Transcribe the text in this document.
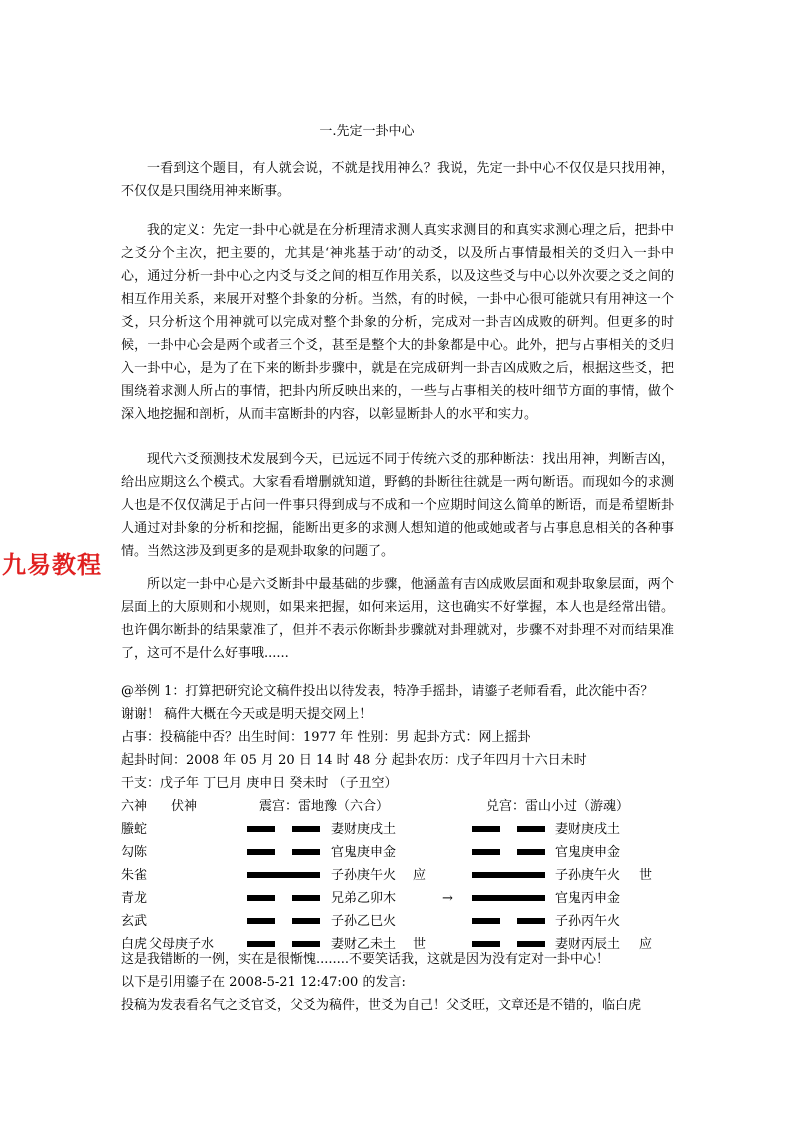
一.先定一卦中心

一看到这个题目，有人就会说，不就是找用神么？我说，先定一卦中心不仅仅是只找用神，不仅仅是只围绕用神来断事。

我的定义：先定一卦中心就是在分析理清求测人真实求测目的和真实求测心理之后，把卦中之爻分个主次，把主要的，尤其是‘神兆基于动’的动爻，以及所占事情最相关的爻归入一卦中心，通过分析一卦中心之内爻与爻之间的相互作用关系，以及这些爻与中心以外次要之爻之间的相互作用关系，来展开对整个卦象的分析。当然，有的时候，一卦中心很可能就只有用神这一个爻，只分析这个用神就可以完成对整个卦象的分析，完成对一卦吉凶成败的研判。但更多的时候，一卦中心会是两个或者三个爻，甚至是整个大的卦象都是中心。此外，把与占事相关的爻归入一卦中心，是为了在下来的断卦步骤中，就是在完成研判一卦吉凶成败之后，根据这些爻，把围绕着求测人所占的事情，把卦内所反映出来的，一些与占事相关的枝叶细节方面的事情，做个深入地挖掘和剖析，从而丰富断卦的内容，以彰显断卦人的水平和实力。

现代六爻预测技术发展到今天，已远远不同于传统六爻的那种断法：找出用神，判断吉凶，给出应期这么个模式。大家看看增删就知道，野鹤的卦断往往就是一两句断语。而现如今的求测人也是不仅仅满足于占问一件事只得到成与不成和一个应期时间这么简单的断语，而是希望断卦人通过对卦象的分析和挖掘，能断出更多的求测人想知道的他或她或者与占事息息相关的各种事情。当然这涉及到更多的是观卦取象的问题了。

所以定一卦中心是六爻断卦中最基础的步骤，他涵盖有吉凶成败层面和观卦取象层面，两个层面上的大原则和小规则，如果来把握，如何来运用，这也确实不好掌握，本人也是经常出错。也许偶尔断卦的结果蒙准了，但并不表示你断卦步骤就对卦理就对，步骤不对卦理不对而结果准了，这可不是什么好事哦......

九易教程
@举例 1：打算把研究论文稿件投出以待发表，特净手摇卦，请鎏子老师看看，此次能中否？
谢谢！ 稿件大概在今天或是明天提交网上！
占事：投稿能中否？出生时间：1977 年 性别：男 起卦方式：网上摇卦
起卦时间：2008 年 05 月 20 日 14 时 48 分 起卦农历：戊子年四月十六日未时
干支：戊子年 丁巳月 庚申日 癸未时 （子丑空）
六神 伏神	震宫：雷地豫（六合）	兑宫：雷山小过（游魂）
螣蛇	妻财庚戌土	妻财庚戌土
勾陈	官鬼庚申金	官鬼庚申金
朱雀	子孙庚午火 应	子孙庚午火 世
青龙	兄弟乙卯木	→	官鬼丙申金
玄武	子孙乙巳火	子孙丙午火
白虎 父母庚子水	妻财乙未土 世	妻财丙辰土 应
这是我错断的一例，实在是很惭愧........不要笑话我，这就是因为没有定对一卦中心！
以下是引用鎏子在 2008-5-21 12:47:00 的发言:
投稿为发表看名气之爻官爻，父爻为稿件，世爻为自己！父爻旺，文章还是不错的，临白虎
